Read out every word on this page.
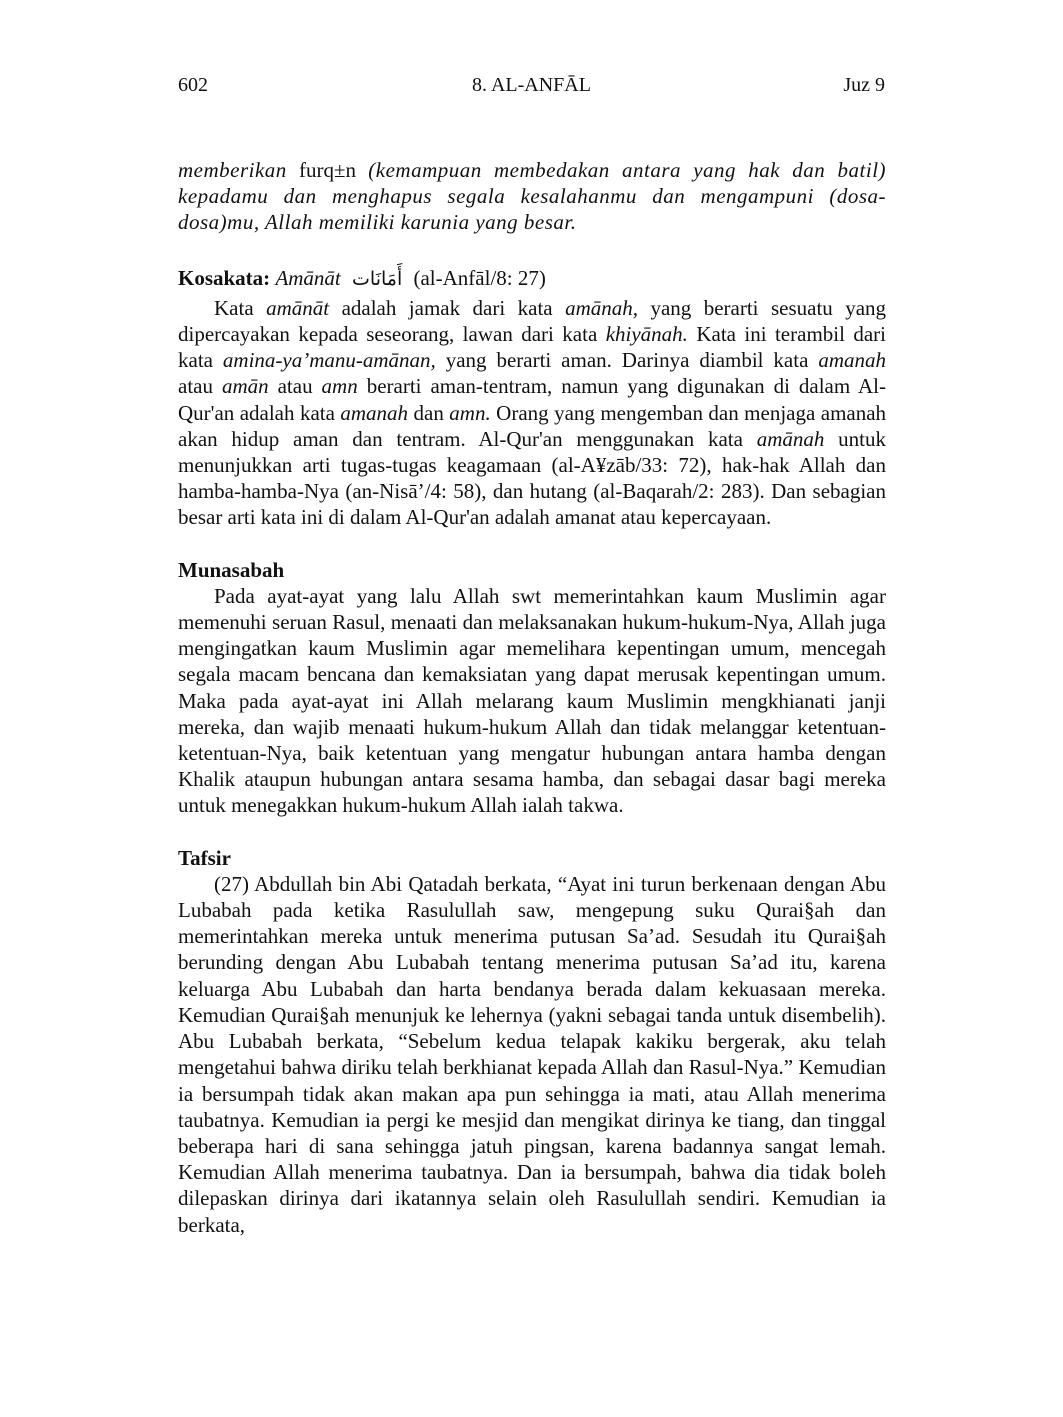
602	8. AL-ANFĀL	Juz 9

memberikan furq±n (kemampuan membedakan antara yang hak dan batil) kepadamu dan menghapus segala kesalahanmu dan mengampuni (dosa-dosa)mu, Allah memiliki karunia yang besar.

Kosakata: Amānāt أَمَانَات (al-Anfāl/8: 27)

Kata amānāt adalah jamak dari kata amānah, yang berarti sesuatu yang dipercayakan kepada seseorang, lawan dari kata khiyānah. Kata ini terambil dari kata amina-ya’manu-amānan, yang berarti aman. Darinya diambil kata amanah atau amān atau amn berarti aman-tentram, namun yang digunakan di dalam Al-Qur'an adalah kata amanah dan amn. Orang yang mengemban dan menjaga amanah akan hidup aman dan tentram. Al-Qur'an menggunakan kata amānah untuk menunjukkan arti tugas-tugas keagamaan (al-A¥zāb/33: 72), hak-hak Allah dan hamba-hamba-Nya (an-Nisā’/4: 58), dan hutang (al-Baqarah/2: 283). Dan sebagian besar arti kata ini di dalam Al-Qur'an adalah amanat atau kepercayaan.

Munasabah

Pada ayat-ayat yang lalu Allah swt memerintahkan kaum Muslimin agar memenuhi seruan Rasul, menaati dan melaksanakan hukum-hukum-Nya, Allah juga mengingatkan kaum Muslimin agar memelihara kepentingan umum, mencegah segala macam bencana dan kemaksiatan yang dapat merusak kepentingan umum. Maka pada ayat-ayat ini Allah melarang kaum Muslimin mengkhianati janji mereka, dan wajib menaati hukum-hukum Allah dan tidak melanggar ketentuan-ketentuan-Nya, baik ketentuan yang mengatur hubungan antara hamba dengan Khalik ataupun hubungan antara sesama hamba, dan sebagai dasar bagi mereka untuk menegakkan hukum-hukum Allah ialah takwa.

Tafsir

(27) Abdullah bin Abi Qatadah berkata, “Ayat ini turun berkenaan dengan Abu Lubabah pada ketika Rasulullah saw, mengepung suku Qurai§ah dan memerintahkan mereka untuk menerima putusan Sa’ad. Sesudah itu Qurai§ah berunding dengan Abu Lubabah tentang menerima putusan Sa’ad itu, karena keluarga Abu Lubabah dan harta bendanya berada dalam kekuasaan mereka. Kemudian Qurai§ah menunjuk ke lehernya (yakni sebagai tanda untuk disembelih). Abu Lubabah berkata, “Sebelum kedua telapak kakiku bergerak, aku telah mengetahui bahwa diriku telah berkhianat kepada Allah dan Rasul-Nya.” Kemudian ia bersumpah tidak akan makan apa pun sehingga ia mati, atau Allah menerima taubatnya. Kemudian ia pergi ke mesjid dan mengikat dirinya ke tiang, dan tinggal beberapa hari di sana sehingga jatuh pingsan, karena badannya sangat lemah. Kemudian Allah menerima taubatnya. Dan ia bersumpah, bahwa dia tidak boleh dilepaskan dirinya dari ikatannya selain oleh Rasulullah sendiri. Kemudian ia berkata,
